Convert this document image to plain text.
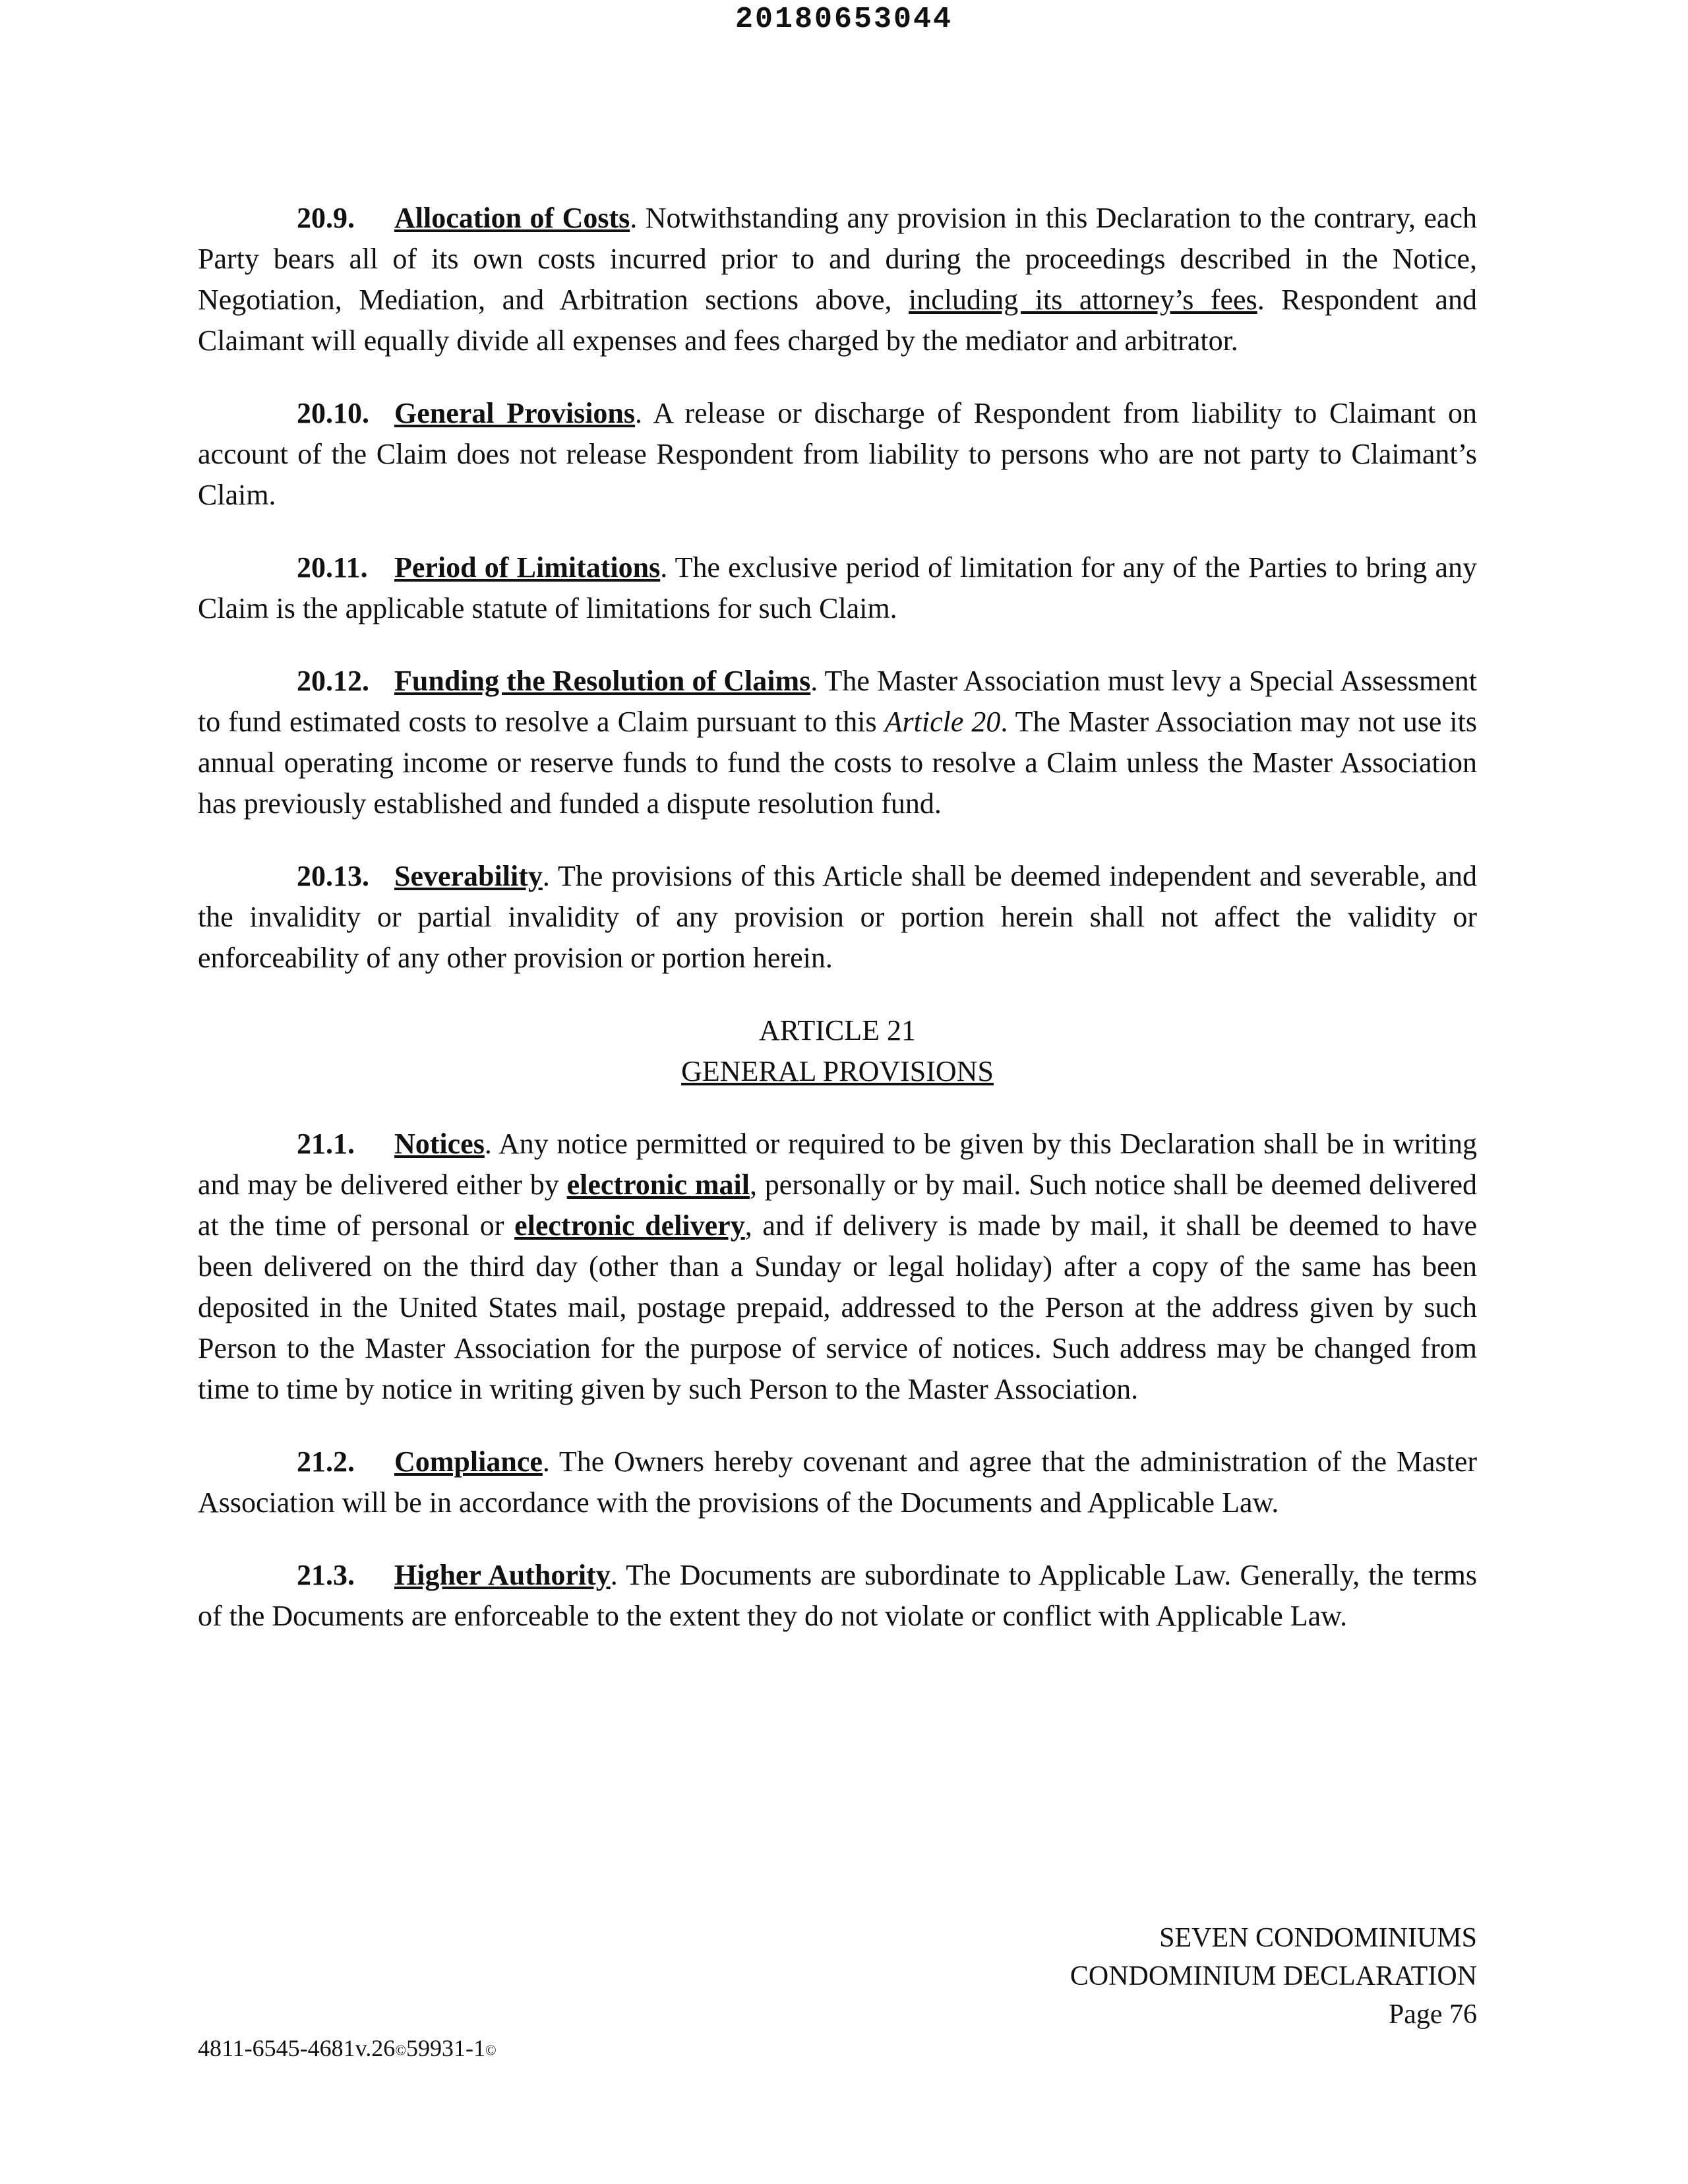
20180653044

20.9. Allocation of Costs. Notwithstanding any provision in this Declaration to the contrary, each Party bears all of its own costs incurred prior to and during the proceedings described in the Notice, Negotiation, Mediation, and Arbitration sections above, including its attorney’s fees. Respondent and Claimant will equally divide all expenses and fees charged by the mediator and arbitrator.

20.10. General Provisions. A release or discharge of Respondent from liability to Claimant on account of the Claim does not release Respondent from liability to persons who are not party to Claimant’s Claim.

20.11. Period of Limitations. The exclusive period of limitation for any of the Parties to bring any Claim is the applicable statute of limitations for such Claim.

20.12. Funding the Resolution of Claims. The Master Association must levy a Special Assessment to fund estimated costs to resolve a Claim pursuant to this Article 20. The Master Association may not use its annual operating income or reserve funds to fund the costs to resolve a Claim unless the Master Association has previously established and funded a dispute resolution fund.

20.13. Severability. The provisions of this Article shall be deemed independent and severable, and the invalidity or partial invalidity of any provision or portion herein shall not affect the validity or enforceability of any other provision or portion herein.

ARTICLE 21
GENERAL PROVISIONS

21.1. Notices. Any notice permitted or required to be given by this Declaration shall be in writing and may be delivered either by electronic mail, personally or by mail. Such notice shall be deemed delivered at the time of personal or electronic delivery, and if delivery is made by mail, it shall be deemed to have been delivered on the third day (other than a Sunday or legal holiday) after a copy of the same has been deposited in the United States mail, postage prepaid, addressed to the Person at the address given by such Person to the Master Association for the purpose of service of notices. Such address may be changed from time to time by notice in writing given by such Person to the Master Association.

21.2. Compliance. The Owners hereby covenant and agree that the administration of the Master Association will be in accordance with the provisions of the Documents and Applicable Law.

21.3. Higher Authority. The Documents are subordinate to Applicable Law. Generally, the terms of the Documents are enforceable to the extent they do not violate or conflict with Applicable Law.

SEVEN CONDOMINIUMS
CONDOMINIUM DECLARATION
Page 76
4811-6545-4681v.26©59931-1©
